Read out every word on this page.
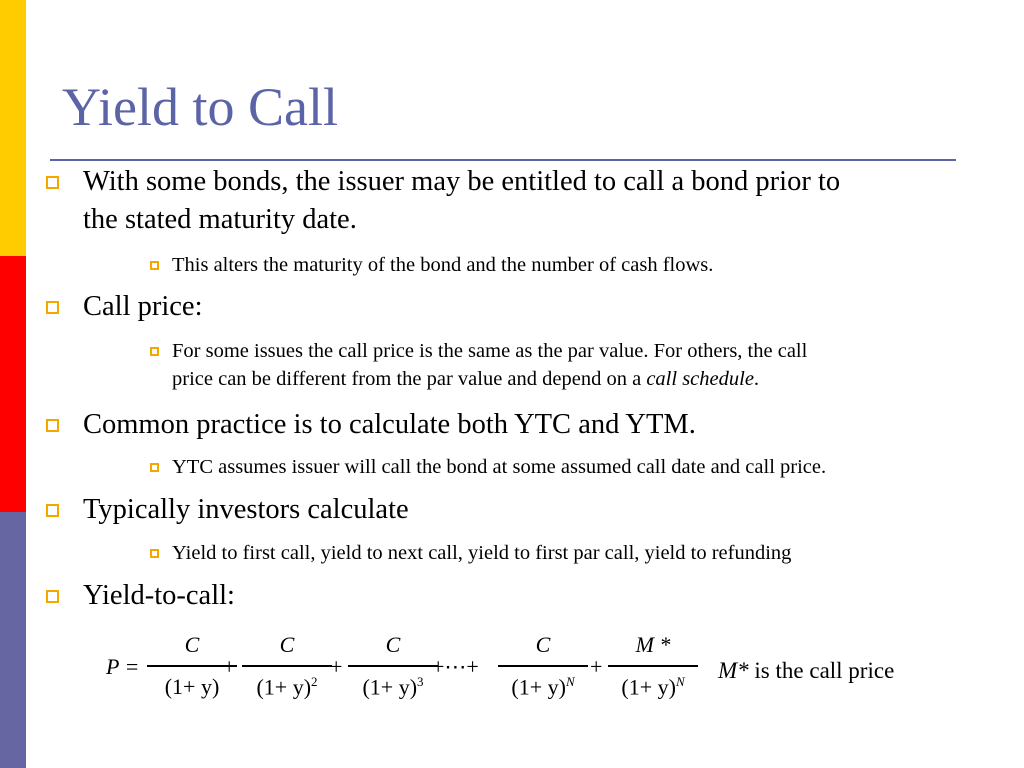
Yield to Call
With some bonds, the issuer may be entitled to call a bond prior to
the stated maturity date.
This alters the maturity of the bond and the number of cash flows.
Call price:
For some issues the call price is the same as the par value. For others, the call
price can be different from the par value and depend on a call schedule.
Common practice is to calculate both YTC and YTM.
YTC assumes issuer will call the bond at some assumed call date and call price.
Typically investors calculate
Yield to first call, yield to next call, yield to first par call, yield to refunding
Yield-to-call:
P =
C
(1+ y)
+
C
$(1+ y)^2$
+
C
$(1+ y)^3$
+⋯+
C
$(1+ y)^N$
+
M *
$(1+ y)^N$	M* is the call price
